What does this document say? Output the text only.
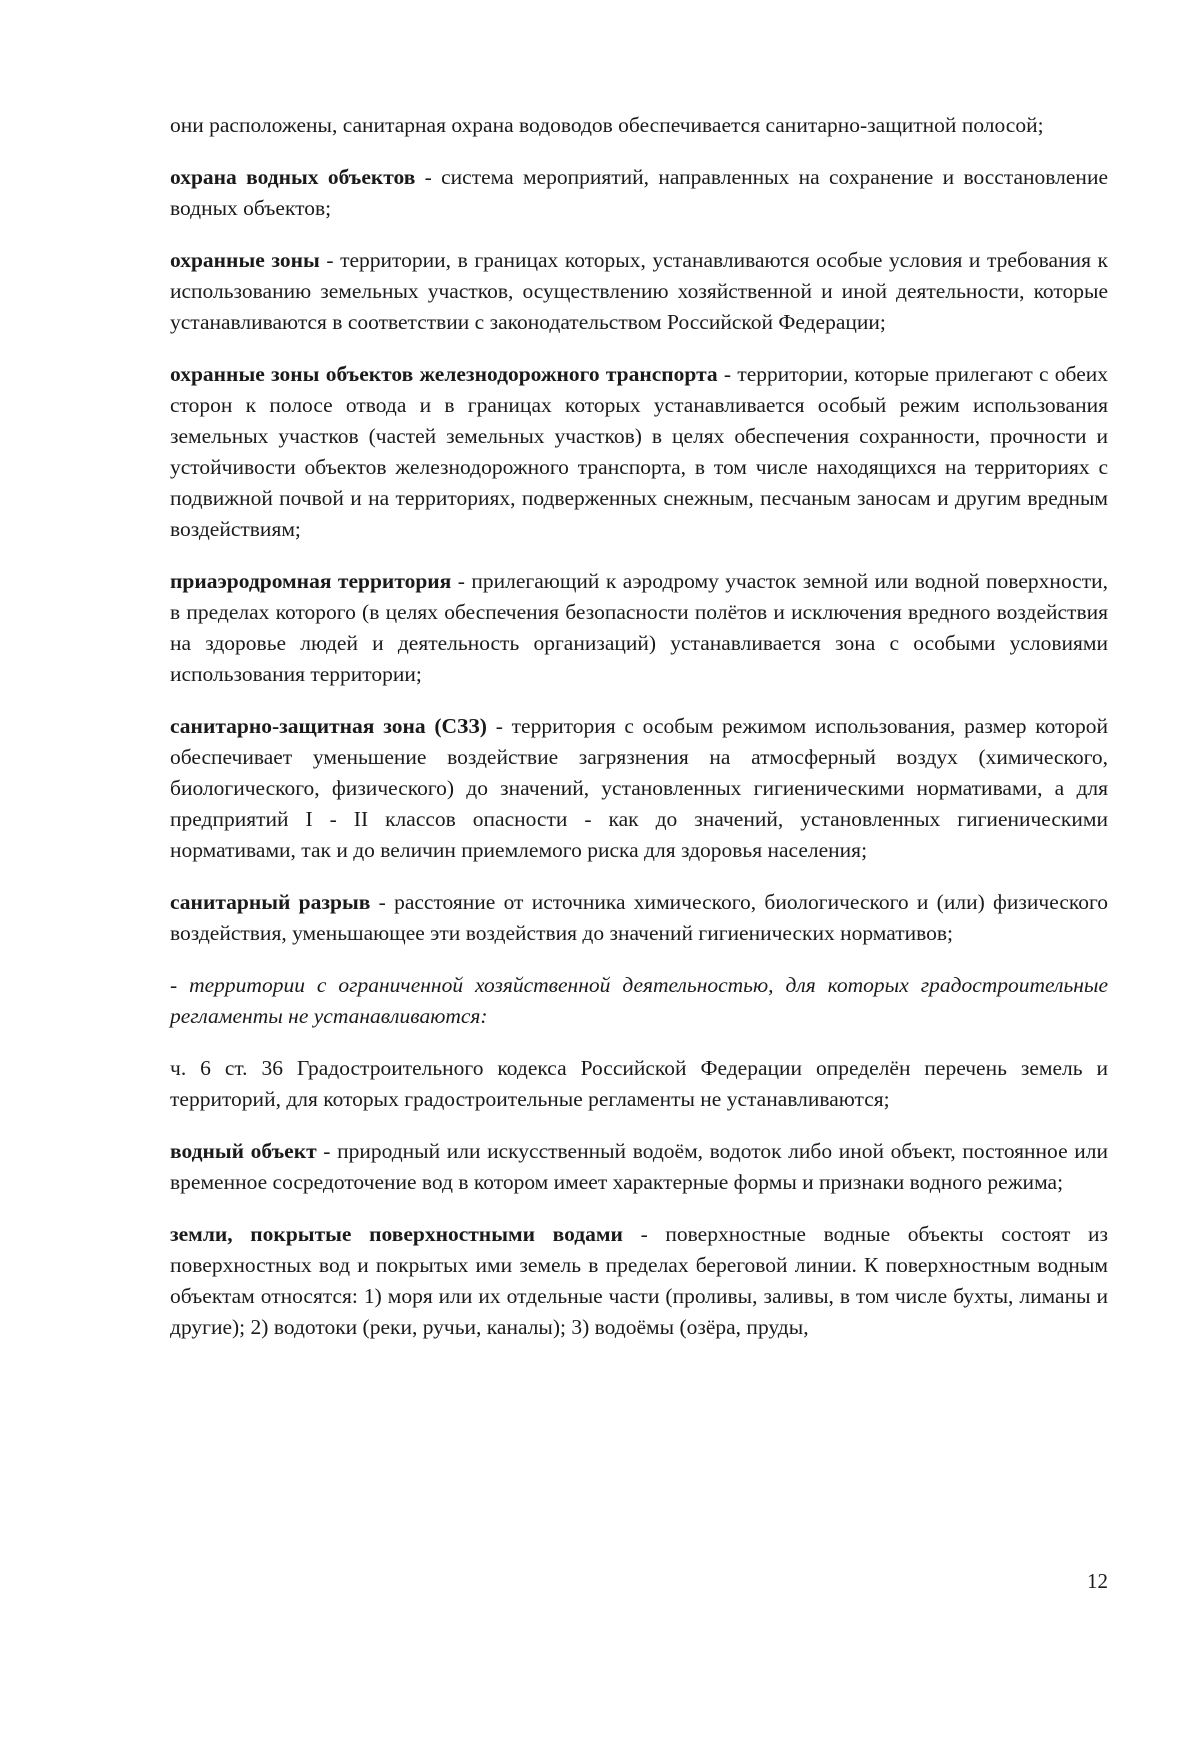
они расположены, санитарная охрана водоводов обеспечивается санитарно-защитной полосой;

охрана водных объектов - система мероприятий, направленных на сохранение и восстановление водных объектов;

охранные зоны - территории, в границах которых, устанавливаются особые условия и требования к использованию земельных участков, осуществлению хозяйственной и иной деятельности, которые устанавливаются в соответствии с законодательством Российской Федерации;

охранные зоны объектов железнодорожного транспорта - территории, которые прилегают с обеих сторон к полосе отвода и в границах которых устанавливается особый режим использования земельных участков (частей земельных участков) в целях обеспечения сохранности, прочности и устойчивости объектов железнодорожного транспорта, в том числе находящихся на территориях с подвижной почвой и на территориях, подверженных снежным, песчаным заносам и другим вредным воздействиям;

приаэродромная территория - прилегающий к аэродрому участок земной или водной поверхности, в пределах которого (в целях обеспечения безопасности полётов и исключения вредного воздействия на здоровье людей и деятельность организаций) устанавливается зона с особыми условиями использования территории;

санитарно-защитная зона (СЗЗ) - территория с особым режимом использования, размер которой обеспечивает уменьшение воздействие загрязнения на атмосферный воздух (химического, биологического, физического) до значений, установленных гигиеническими нормативами, а для предприятий I - II классов опасности - как до значений, установленных гигиеническими нормативами, так и до величин приемлемого риска для здоровья населения;

санитарный разрыв - расстояние от источника химического, биологического и (или) физического воздействия, уменьшающее эти воздействия до значений гигиенических нормативов;

- территории с ограниченной хозяйственной деятельностью, для которых градостроительные регламенты не устанавливаются:

ч. 6 ст. 36 Градостроительного кодекса Российской Федерации определён перечень земель и территорий, для которых градостроительные регламенты не устанавливаются;

водный объект - природный или искусственный водоём, водоток либо иной объект, постоянное или временное сосредоточение вод в котором имеет характерные формы и признаки водного режима;

земли, покрытые поверхностными водами - поверхностные водные объекты состоят из поверхностных вод и покрытых ими земель в пределах береговой линии. К поверхностным водным объектам относятся: 1) моря или их отдельные части (проливы, заливы, в том числе бухты, лиманы и другие); 2) водотоки (реки, ручьи, каналы); 3) водоёмы (озёра, пруды,

12
